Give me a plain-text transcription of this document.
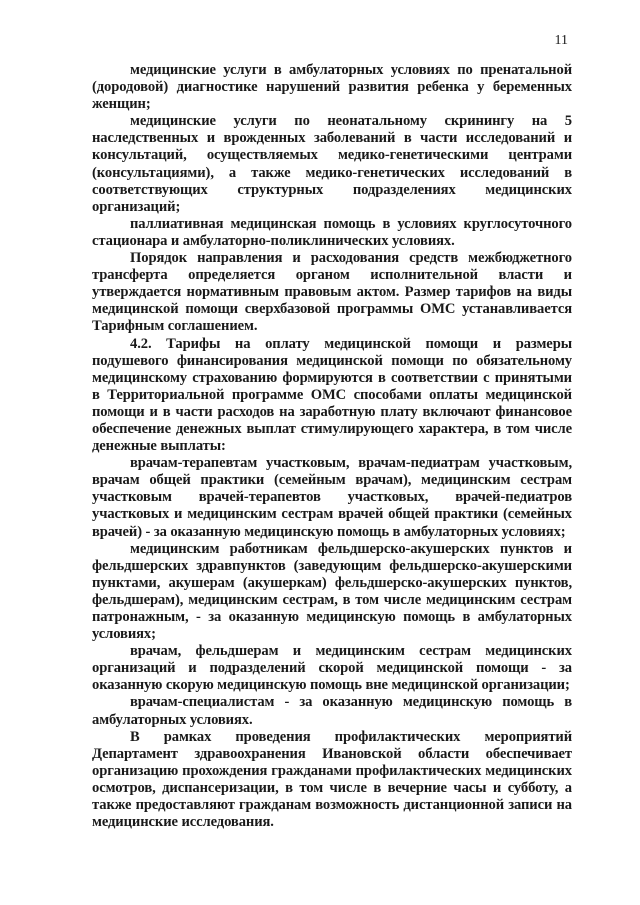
11

медицинские услуги в амбулаторных условиях по пренатальной (дородовой) диагностике нарушений развития ребенка у беременных женщин;

медицинские услуги по неонатальному скринингу на 5 наследственных и врожденных заболеваний в части исследований и консультаций, осуществляемых медико-генетическими центрами (консультациями), а также медико-генетических исследований в соответствующих структурных подразделениях медицинских организаций;

паллиативная медицинская помощь в условиях круглосуточного стационара и амбулаторно-поликлинических условиях.

Порядок направления и расходования средств межбюджетного трансферта определяется органом исполнительной власти и утверждается нормативным правовым актом. Размер тарифов на виды медицинской помощи сверхбазовой программы ОМС устанавливается Тарифным соглашением.

4.2. Тарифы на оплату медицинской помощи и размеры подушевого финансирования медицинской помощи по обязательному медицинскому страхованию формируются в соответствии с принятыми в Территориальной программе ОМС способами оплаты медицинской помощи и в части расходов на заработную плату включают финансовое обеспечение денежных выплат стимулирующего характера, в том числе денежные выплаты:

врачам-терапевтам участковым, врачам-педиатрам участковым, врачам общей практики (семейным врачам), медицинским сестрам участковым врачей-терапевтов участковых, врачей-педиатров участковых и медицинским сестрам врачей общей практики (семейных врачей) - за оказанную медицинскую помощь в амбулаторных условиях;

медицинским работникам фельдшерско-акушерских пунктов и фельдшерских здравпунктов (заведующим фельдшерско-акушерскими пунктами, акушерам (акушеркам) фельдшерско-акушерских пунктов, фельдшерам), медицинским сестрам, в том числе медицинским сестрам патронажным, - за оказанную медицинскую помощь в амбулаторных условиях;

врачам, фельдшерам и медицинским сестрам медицинских организаций и подразделений скорой медицинской помощи - за оказанную скорую медицинскую помощь вне медицинской организации;

врачам-специалистам - за оказанную медицинскую помощь в амбулаторных условиях.

В рамках проведения профилактических мероприятий Департамент здравоохранения Ивановской области обеспечивает организацию прохождения гражданами профилактических медицинских осмотров, диспансеризации, в том числе в вечерние часы и субботу, а также предоставляют гражданам возможность дистанционной записи на медицинские исследования.
